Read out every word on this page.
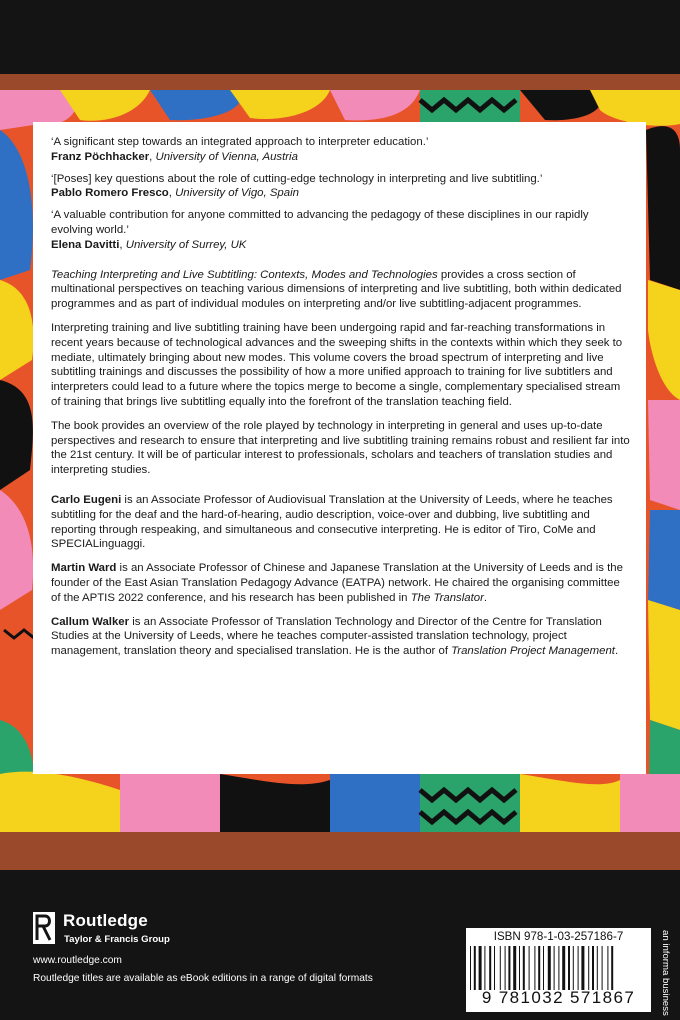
‘A significant step towards an integrated approach to interpreter education.’
Franz Pöchhacker, University of Vienna, Austria
‘[Poses] key questions about the role of cutting-edge technology in interpreting and live subtitling.’
Pablo Romero Fresco, University of Vigo, Spain
‘A valuable contribution for anyone committed to advancing the pedagogy of these disciplines in our rapidly evolving world.’
Elena Davitti, University of Surrey, UK

Teaching Interpreting and Live Subtitling: Contexts, Modes and Technologies provides a cross section of multinational perspectives on teaching various dimensions of interpreting and live subtitling, both within dedicated programmes and as part of individual modules on interpreting and/or live subtitling-adjacent programmes.

Interpreting training and live subtitling training have been undergoing rapid and far-reaching transformations in recent years because of technological advances and the sweeping shifts in the contexts within which they seek to mediate, ultimately bringing about new modes. This volume covers the broad spectrum of interpreting and live subtitling trainings and discusses the possibility of how a more unified approach to training for live subtitlers and interpreters could lead to a future where the topics merge to become a single, complementary specialised stream of training that brings live subtitling equally into the forefront of the translation teaching field.

The book provides an overview of the role played by technology in interpreting in general and uses up-to-date perspectives and research to ensure that interpreting and live subtitling training remains robust and resilient far into the 21st century. It will be of particular interest to professionals, scholars and teachers of translation studies and interpreting studies.

Carlo Eugeni is an Associate Professor of Audiovisual Translation at the University of Leeds, where he teaches subtitling for the deaf and the hard-of-hearing, audio description, voice-over and dubbing, live subtitling and reporting through respeaking, and simultaneous and consecutive interpreting. He is editor of Tiro, CoMe and SPECIALinguaggi.

Martin Ward is an Associate Professor of Chinese and Japanese Translation at the University of Leeds and is the founder of the East Asian Translation Pedagogy Advance (EATPA) network. He chaired the organising committee of the APTIS 2022 conference, and his research has been published in The Translator.

Callum Walker is an Associate Professor of Translation Technology and Director of the Centre for Translation Studies at the University of Leeds, where he teaches computer-assisted translation technology, project management, translation theory and specialised translation. He is the author of Translation Project Management.

Routledge
Taylor & Francis Group
www.routledge.com
Routledge titles are available as eBook editions in a range of digital formats
ISBN 978-1-03-257186-7
9 781032 571867	an informa business
